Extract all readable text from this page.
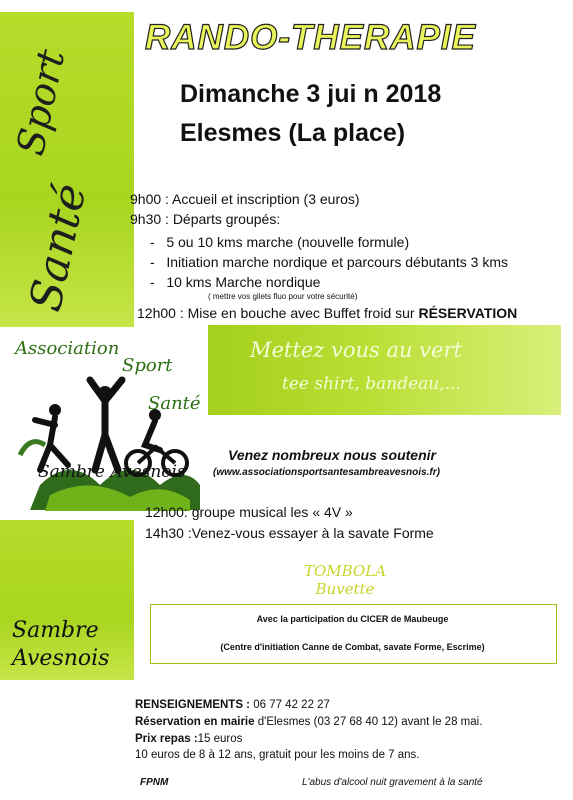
Sport
Santé
RANDO-THERAPIE
Dimanche 3 jui n 2018
Elesmes (La place)
9h00 : Accueil et inscription (3 euros)
9h30 : Départs groupés:
-   5 ou 10 kms marche (nouvelle formule)
-   Initiation marche nordique et parcours débutants 3 kms
-   10 kms Marche nordique
( mettre vos gilets fluo pour votre sécurité)
12h00 : Mise en bouche avec Buffet froid sur RÉSERVATION
Association
Sport
Santé
Sambre Avesnois
Mettez vous au vert
tee shirt, bandeau,...
Venez nombreux nous soutenir
(www.associationsportsantesambreavesnois.fr)
Sambre
Avesnois
12h00: groupe musical les « 4V »
14h30 :Venez-vous essayer à la savate Forme
TOMBOLA
Buvette
Avec la participation du CICER de Maubeuge
(Centre d'initiation Canne de Combat, savate Forme, Escrime)
RENSEIGNEMENTS : 06 77 42 22 27
Réservation en mairie d'Elesmes (03 27 68 40 12) avant le 28 mai.
Prix repas :15 euros
10 euros de 8 à 12 ans, gratuit pour les moins de 7 ans.
FPNM	L'abus d'alcool nuit gravement à la santé
